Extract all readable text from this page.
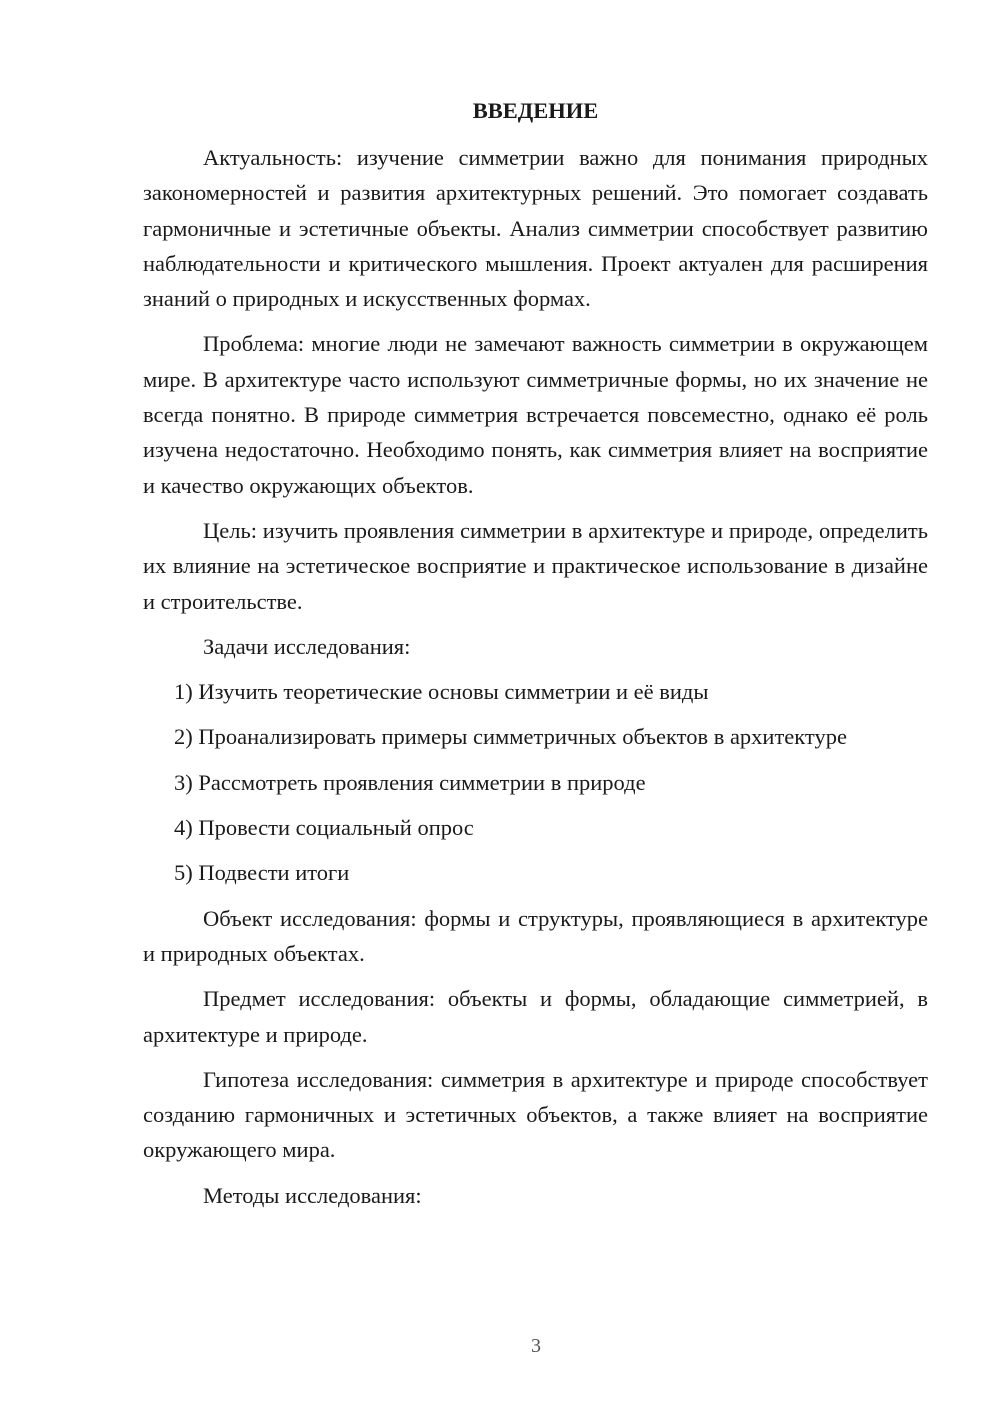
ВВЕДЕНИЕ

Актуальность: изучение симметрии важно для понимания природных закономерностей и развития архитектурных решений. Это помогает создавать гармоничные и эстетичные объекты. Анализ симметрии способствует развитию наблюдательности и критического мышления. Проект актуален для расширения знаний о природных и искусственных формах.

Проблема: многие люди не замечают важность симметрии в окружающем мире. В архитектуре часто используют симметричные формы, но их значение не всегда понятно. В природе симметрия встречается повсеместно, однако её роль изучена недостаточно. Необходимо понять, как симметрия влияет на восприятие и качество окружающих объектов.

Цель: изучить проявления симметрии в архитектуре и природе, определить их влияние на эстетическое восприятие и практическое использование в дизайне и строительстве.

Задачи исследования:

1) Изучить теоретические основы симметрии и её виды
2) Проанализировать примеры симметричных объектов в архитектуре
3) Рассмотреть проявления симметрии в природе
4) Провести социальный опрос
5) Подвести итоги

Объект исследования: формы и структуры, проявляющиеся в архитектуре и природных объектах.

Предмет исследования: объекты и формы, обладающие симметрией, в архитектуре и природе.

Гипотеза исследования: симметрия в архитектуре и природе способствует созданию гармоничных и эстетичных объектов, а также влияет на восприятие окружающего мира.

Методы исследования:

3
